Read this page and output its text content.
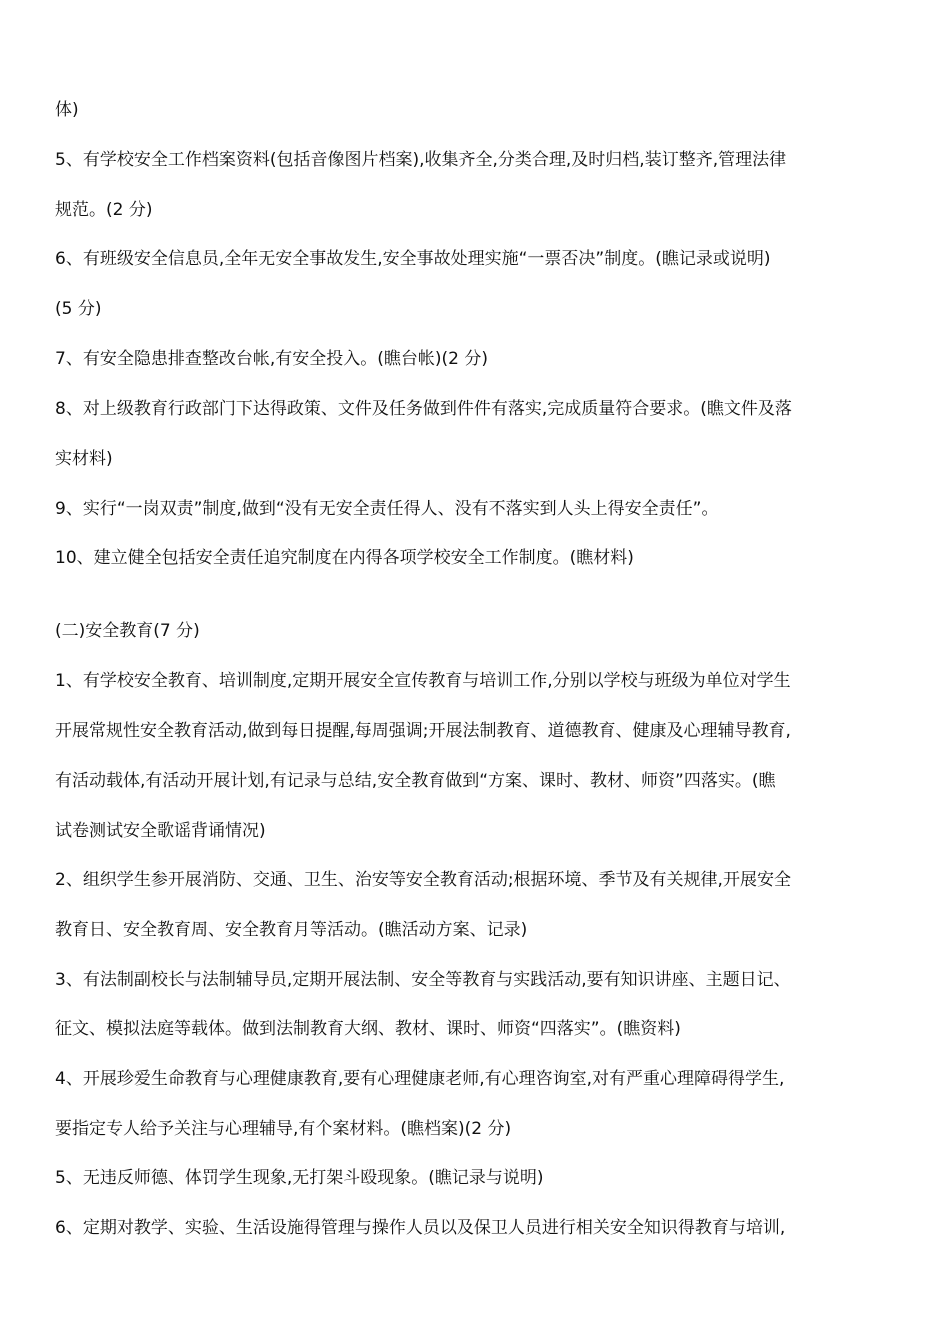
体)
5、有学校安全工作档案资料(包括音像图片档案),收集齐全,分类合理,及时归档,装订整齐,管理法律
规范。(2 分)
6、有班级安全信息员,全年无安全事故发生,安全事故处理实施“一票否决”制度。(瞧记录或说明)
(5 分)
7、有安全隐患排查整改台帐,有安全投入。(瞧台帐)(2 分)
8、对上级教育行政部门下达得政策、文件及任务做到件件有落实,完成质量符合要求。(瞧文件及落
实材料)
9、实行“一岗双责”制度,做到“没有无安全责任得人、没有不落实到人头上得安全责任”。
10、建立健全包括安全责任追究制度在内得各项学校安全工作制度。(瞧材料)
(二)安全教育(7 分)
1、有学校安全教育、培训制度,定期开展安全宣传教育与培训工作,分别以学校与班级为单位对学生
开展常规性安全教育活动,做到每日提醒,每周强调;开展法制教育、道德教育、健康及心理辅导教育,
有活动载体,有活动开展计划,有记录与总结,安全教育做到“方案、课时、教材、师资”四落实。(瞧
试卷测试安全歌谣背诵情况)
2、组织学生参开展消防、交通、卫生、治安等安全教育活动;根据环境、季节及有关规律,开展安全
教育日、安全教育周、安全教育月等活动。(瞧活动方案、记录)
3、有法制副校长与法制辅导员,定期开展法制、安全等教育与实践活动,要有知识讲座、主题日记、
征文、模拟法庭等载体。做到法制教育大纲、教材、课时、师资“四落实”。(瞧资料)
4、开展珍爱生命教育与心理健康教育,要有心理健康老师,有心理咨询室,对有严重心理障碍得学生,
要指定专人给予关注与心理辅导,有个案材料。(瞧档案)(2 分)
5、无违反师德、体罚学生现象,无打架斗殴现象。(瞧记录与说明)
6、定期对教学、实验、生活设施得管理与操作人员以及保卫人员进行相关安全知识得教育与培训,
